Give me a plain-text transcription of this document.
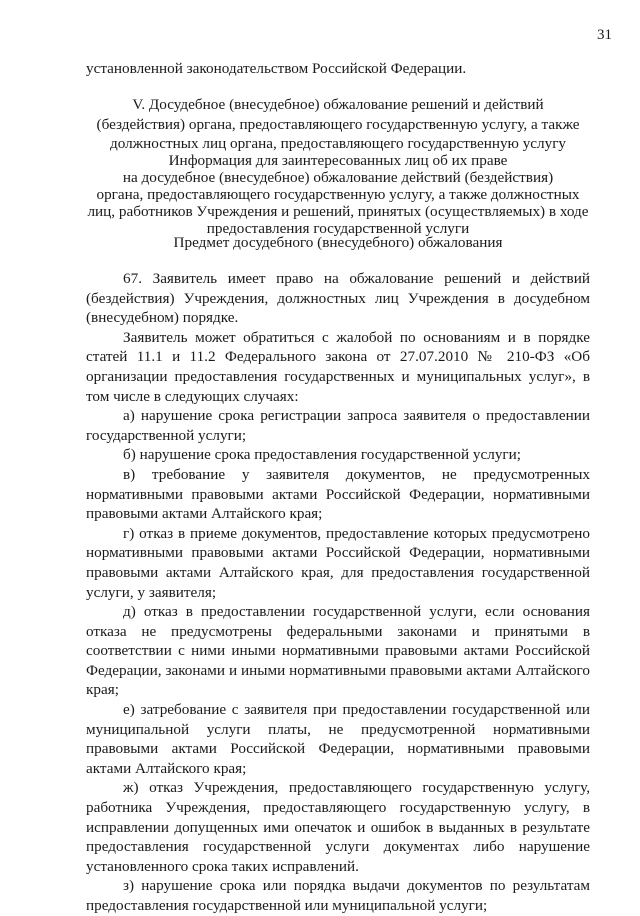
31

установленной законодательством Российской Федерации.

V. Досудебное (внесудебное) обжалование решений и действий

(бездействия) органа, предоставляющего государственную услугу, а также

должностных лиц органа, предоставляющего государственную услугу

Информация для заинтересованных лиц об их праве

на досудебное (внесудебное) обжалование действий (бездействия)

органа, предоставляющего государственную услугу, а также должностных

лиц, работников Учреждения и решений, принятых (осуществляемых) в ходе

предоставления государственной услуги

Предмет досудебного (внесудебного) обжалования

67. Заявитель имеет право на обжалование решений и действий (бездействия) Учреждения, должностных лиц Учреждения в досудебном (внесудебном) порядке.

Заявитель может обратиться с жалобой по основаниям и в порядке статей 11.1 и 11.2 Федерального закона от 27.07.2010 № 210-ФЗ «Об организации предоставления государственных и муниципальных услуг», в том числе в следующих случаях:

а) нарушение срока регистрации запроса заявителя о предоставлении государственной услуги;

б) нарушение срока предоставления государственной услуги;

в) требование у заявителя документов, не предусмотренных нормативными правовыми актами Российской Федерации, нормативными правовыми актами Алтайского края;

г) отказ в приеме документов, предоставление которых предусмотрено нормативными правовыми актами Российской Федерации, нормативными правовыми актами Алтайского края, для предоставления государственной услуги, у заявителя;

д) отказ в предоставлении государственной услуги, если основания отказа не предусмотрены федеральными законами и принятыми в соответствии с ними иными нормативными правовыми актами Российской Федерации, законами и иными нормативными правовыми актами Алтайского края;

е) затребование с заявителя при предоставлении государственной или муниципальной услуги платы, не предусмотренной нормативными правовыми актами Российской Федерации, нормативными правовыми актами Алтайского края;

ж) отказ Учреждения, предоставляющего государственную услугу, работника Учреждения, предоставляющего государственную услугу, в исправлении допущенных ими опечаток и ошибок в выданных в результате предоставления государственной услуги документах либо нарушение установленного срока таких исправлений.

з) нарушение срока или порядка выдачи документов по результатам предоставления государственной или муниципальной услуги;
